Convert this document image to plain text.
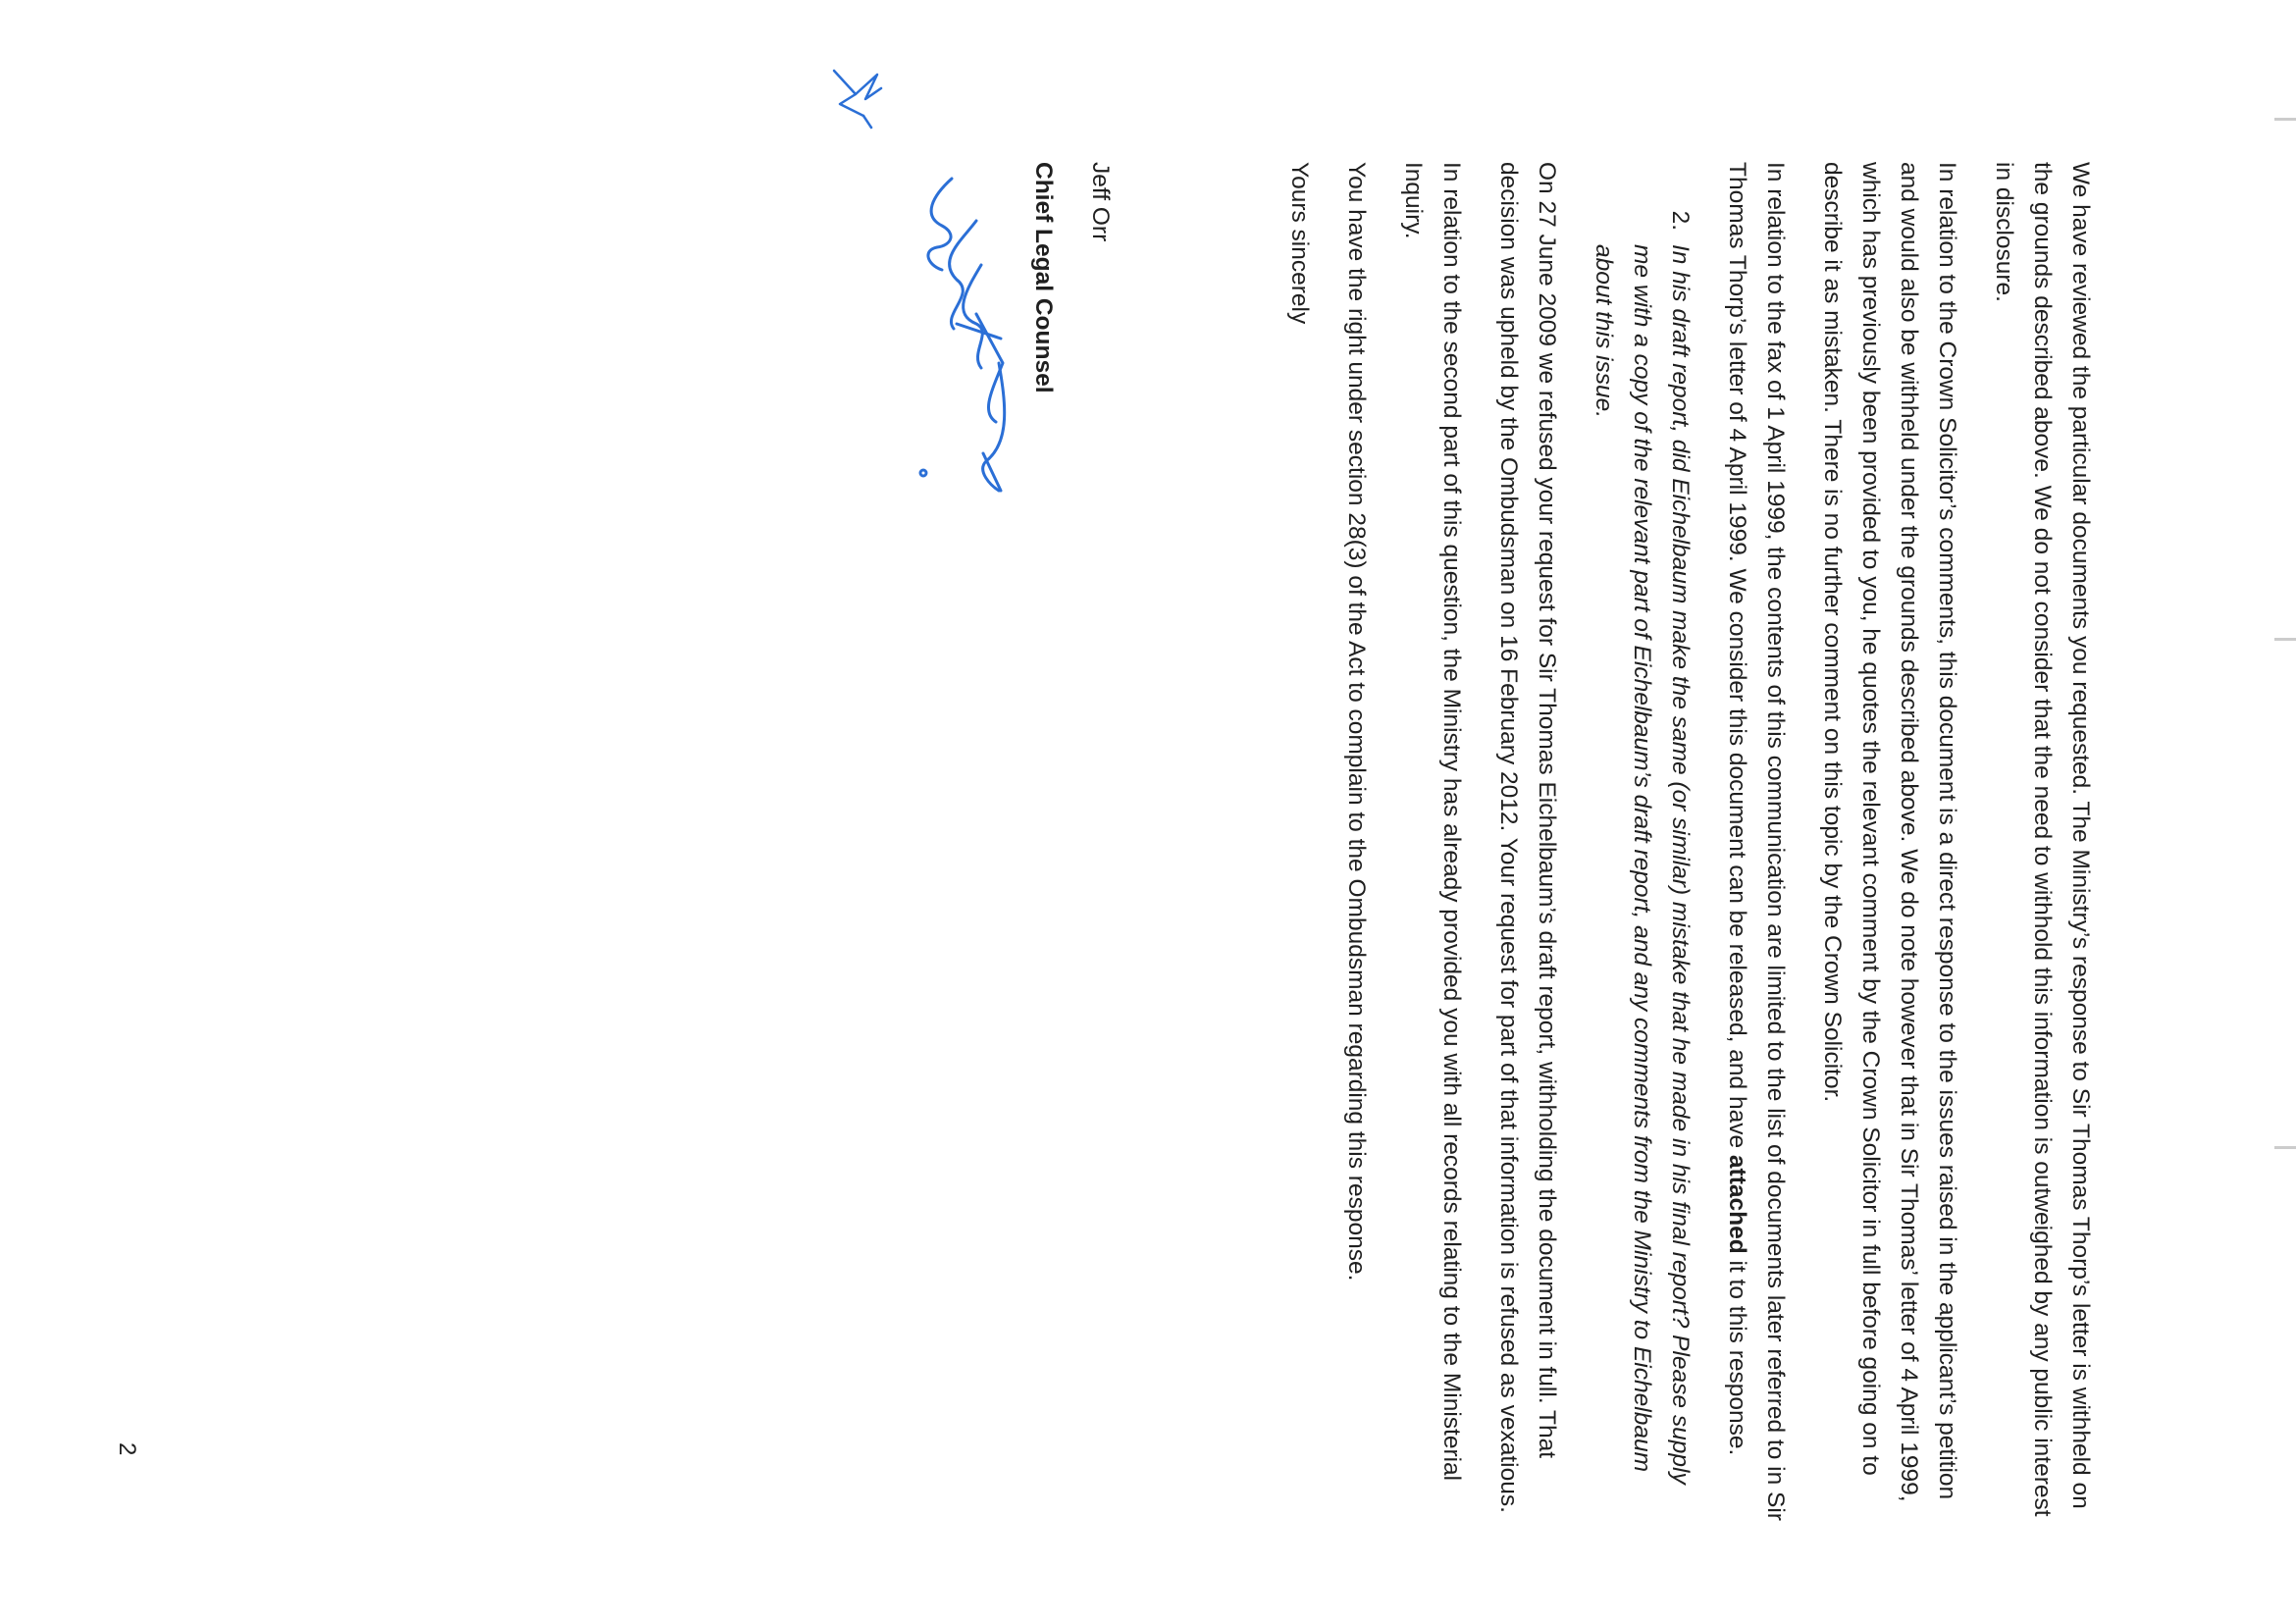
We have reviewed the particular documents you requested. The Ministry’s response to Sir Thomas Thorp’s letter is withheld on the grounds described above. We do not consider that the need to withhold this information is outweighed by any public interest in disclosure.

In relation to the Crown Solicitor’s comments, this document is a direct response to the issues raised in the applicant’s petition and would also be withheld under the grounds described above. We do note however that in Sir Thomas’ letter of 4 April 1999, which has previously been provided to you, he quotes the relevant comment by the Crown Solicitor in full before going on to describe it as mistaken. There is no further comment on this topic by the Crown Solicitor.

In relation to the fax of 1 April 1999, the contents of this communication are limited to the list of documents later referred to in Sir Thomas Thorp’s letter of 4 April 1999. We consider this document can be released, and have attached it to this response.

2.
In his draft report, did Eichelbaum make the same (or similar) mistake that he made in his final report? Please supply me with a copy of the relevant part of Eichelbaum’s draft report, and any comments from the Ministry to Eichelbaum about this issue.

On 27 June 2009 we refused your request for Sir Thomas Eichelbaum’s draft report, withholding the document in full. That decision was upheld by the Ombudsman on 16 February 2012. Your request for part of that information is refused as vexatious.

In relation to the second part of this question, the Ministry has already provided you with all records relating to the Ministerial Inquiry.

You have the right under section 28(3) of the Act to complain to the Ombudsman regarding this response.

Yours sincerely

Jeff Orr

Chief Legal Counsel

2
